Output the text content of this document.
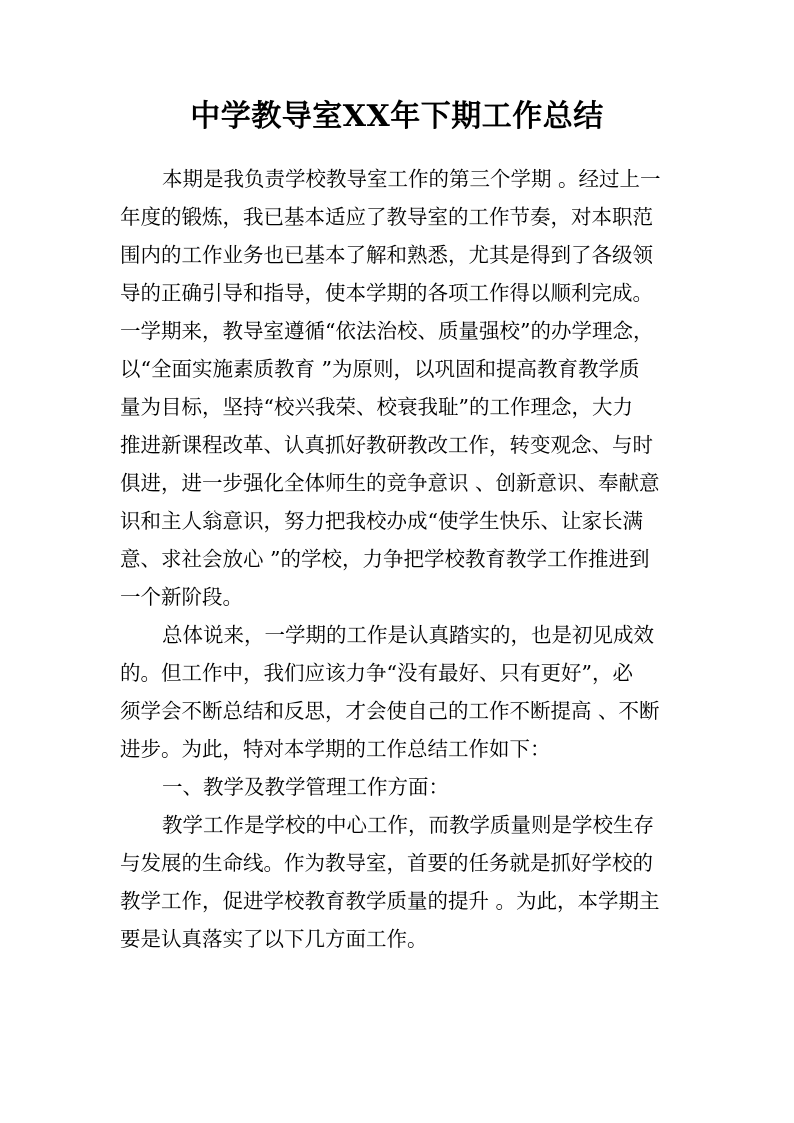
中学教导室XX年下期工作总结
本期是我负责学校教导室工作的第三个学期 。经过上一
年度的锻炼，我已基本适应了教导室的工作节奏，对本职范
围内的工作业务也已基本了解和熟悉，尤其是得到了各级领
导的正确引导和指导，使本学期的各项工作得以顺利完成。
一学期来，教导室遵循“依法治校、质量强校”的办学理念，
以“全面实施素质教育 ”为原则，以巩固和提高教育教学质
量为目标，坚持“校兴我荣、校衰我耻”的工作理念，大力
推进新课程改革、认真抓好教研教改工作，转变观念、与时
俱进，进一步强化全体师生的竞争意识 、创新意识、奉献意
识和主人翁意识，努力把我校办成“使学生快乐、让家长满
意、求社会放心 ”的学校，力争把学校教育教学工作推进到
一个新阶段。
总体说来，一学期的工作是认真踏实的，也是初见成效
的。但工作中，我们应该力争“没有最好、只有更好”，必
须学会不断总结和反思，才会使自己的工作不断提高 、不断
进步。为此，特对本学期的工作总结工作如下：
一、教学及教学管理工作方面：
教学工作是学校的中心工作，而教学质量则是学校生存
与发展的生命线。作为教导室，首要的任务就是抓好学校的
教学工作，促进学校教育教学质量的提升 。为此，本学期主
要是认真落实了以下几方面工作。
